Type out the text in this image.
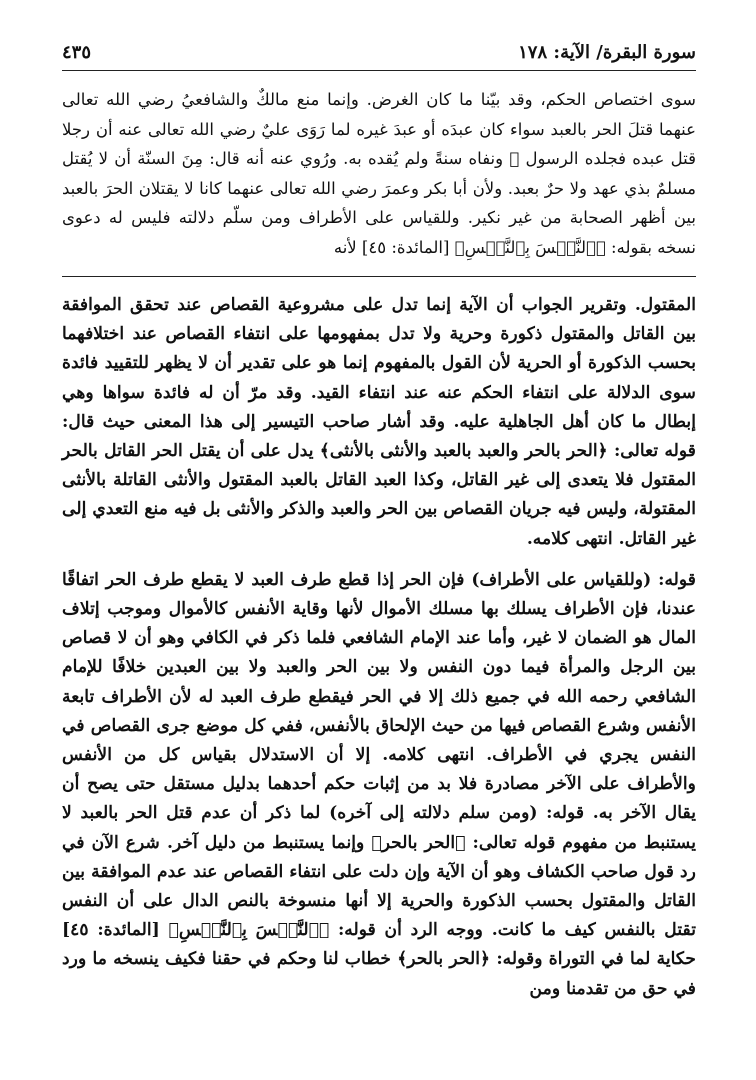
سورة البقرة/ الآية: ١٧٨
٤٣٥
سوى اختصاص الحكم، وقد بيّنا ما كان الغرض. وإنما منع مالكٌ والشافعيُ رضي الله تعالى عنهما قتلَ الحر بالعبد سواء كان عبدَه أو عبدَ غيره لما رَوَى عليٌ رضي الله تعالى عنه أن رجلا قتل عبده فجلده الرسول ﷺ ونفاه سنةً ولم يُقده به. ورُوي عنه أنه قال: مِنَ السنّة أن لا يُقتل مسلمٌ بذي عهد ولا حرٌ بعبد. ولأن أبا بكر وعمرَ رضي الله تعالى عنهما كانا لا يقتلان الحرَ بالعبد بين أظهر الصحابة من غير نكير. وللقياس على الأطراف ومن سلّم دلالته فليس له دعوى نسخه بقوله: ﴿ٱلنَّفۡسَ بِٱلنَّفۡسِ﴾ [المائدة: ٤٥] لأنه

المقتول. وتقرير الجواب أن الآية إنما تدل على مشروعية القصاص عند تحقق الموافقة بين القاتل والمقتول ذكورة وحرية ولا تدل بمفهومها على انتفاء القصاص عند اختلافهما بحسب الذكورة أو الحرية لأن القول بالمفهوم إنما هو على تقدير أن لا يظهر للتقييد فائدة سوى الدلالة على انتفاء الحكم عنه عند انتفاء القيد. وقد مرّ أن له فائدة سواها وهي إبطال ما كان أهل الجاهلية عليه. وقد أشار صاحب التيسير إلى هذا المعنى حيث قال: قوله تعالى: ﴿الحر بالحر والعبد بالعبد والأنثى بالأنثى﴾ يدل على أن يقتل الحر القاتل بالحر المقتول فلا يتعدى إلى غير القاتل، وكذا العبد القاتل بالعبد المقتول والأنثى القاتلة بالأنثى المقتولة، وليس فيه جريان القصاص بين الحر والعبد والذكر والأنثى بل فيه منع التعدي إلى غير القاتل. انتهى كلامه.

قوله: (وللقياس على الأطراف) فإن الحر إذا قطع طرف العبد لا يقطع طرف الحر اتفاقًا عندنا، فإن الأطراف يسلك بها مسلك الأموال لأنها وقاية الأنفس كالأموال وموجب إتلاف المال هو الضمان لا غير، وأما عند الإمام الشافعي فلما ذكر في الكافي وهو أن لا قصاص بين الرجل والمرأة فيما دون النفس ولا بين الحر والعبد ولا بين العبدين خلافًا للإمام الشافعي رحمه الله في جميع ذلك إلا في الحر فيقطع طرف العبد له لأن الأطراف تابعة الأنفس وشرع القصاص فيها من حيث الإلحاق بالأنفس، ففي كل موضع جرى القصاص في النفس يجري في الأطراف. انتهى كلامه. إلا أن الاستدلال بقياس كل من الأنفس والأطراف على الآخر مصادرة فلا بد من إثبات حكم أحدهما بدليل مستقل حتى يصح أن يقال الآخر به. قوله: (ومن سلم دلالته إلى آخره) لما ذكر أن عدم قتل الحر بالعبد لا يستنبط من مفهوم قوله تعالى: ﴿الحر بالحر﴾ وإنما يستنبط من دليل آخر. شرع الآن في رد قول صاحب الكشاف وهو أن الآية وإن دلت على انتفاء القصاص عند عدم الموافقة بين القاتل والمقتول بحسب الذكورة والحرية إلا أنها منسوخة بالنص الدال على أن النفس تقتل بالنفس كيف ما كانت. ووجه الرد أن قوله: ﴿ٱلنَّفۡسَ بِٱلنَّفۡسِ﴾ [المائدة: ٤٥] حكاية لما في التوراة وقوله: ﴿الحر بالحر﴾ خطاب لنا وحكم في حقنا فكيف ينسخه ما ورد في حق من تقدمنا ومن
